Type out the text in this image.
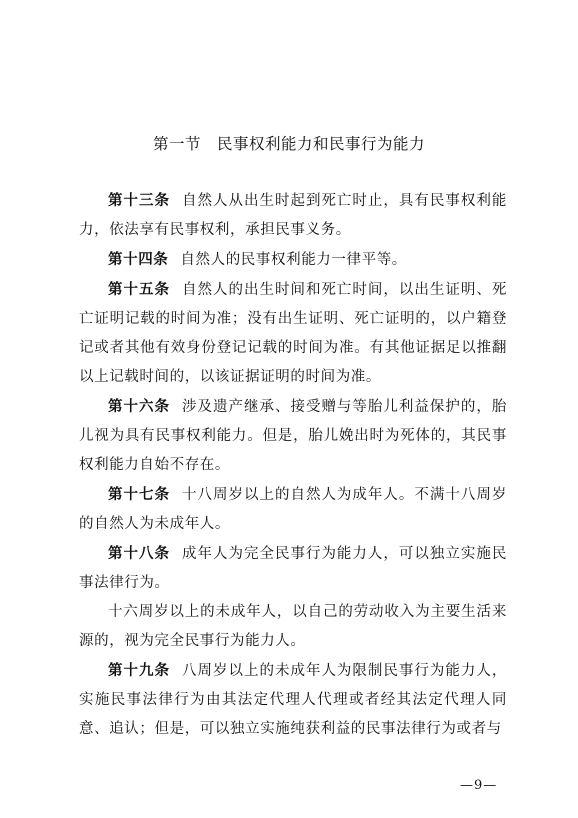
第一节　民事权利能力和民事行为能力

第十三条 自然人从出生时起到死亡时止，具有民事权利能力，依法享有民事权利，承担民事义务。

第十四条 自然人的民事权利能力一律平等。

第十五条 自然人的出生时间和死亡时间，以出生证明、死亡证明记载的时间为准；没有出生证明、死亡证明的，以户籍登记或者其他有效身份登记记载的时间为准。有其他证据足以推翻以上记载时间的，以该证据证明的时间为准。

第十六条 涉及遗产继承、接受赠与等胎儿利益保护的，胎儿视为具有民事权利能力。但是，胎儿娩出时为死体的，其民事权利能力自始不存在。

第十七条 十八周岁以上的自然人为成年人。不满十八周岁的自然人为未成年人。

第十八条 成年人为完全民事行为能力人，可以独立实施民事法律行为。

十六周岁以上的未成年人，以自己的劳动收入为主要生活来源的，视为完全民事行为能力人。

第十九条 八周岁以上的未成年人为限制民事行为能力人，实施民事法律行为由其法定代理人代理或者经其法定代理人同意、追认；但是，可以独立实施纯获利益的民事法律行为或者与

—9—
